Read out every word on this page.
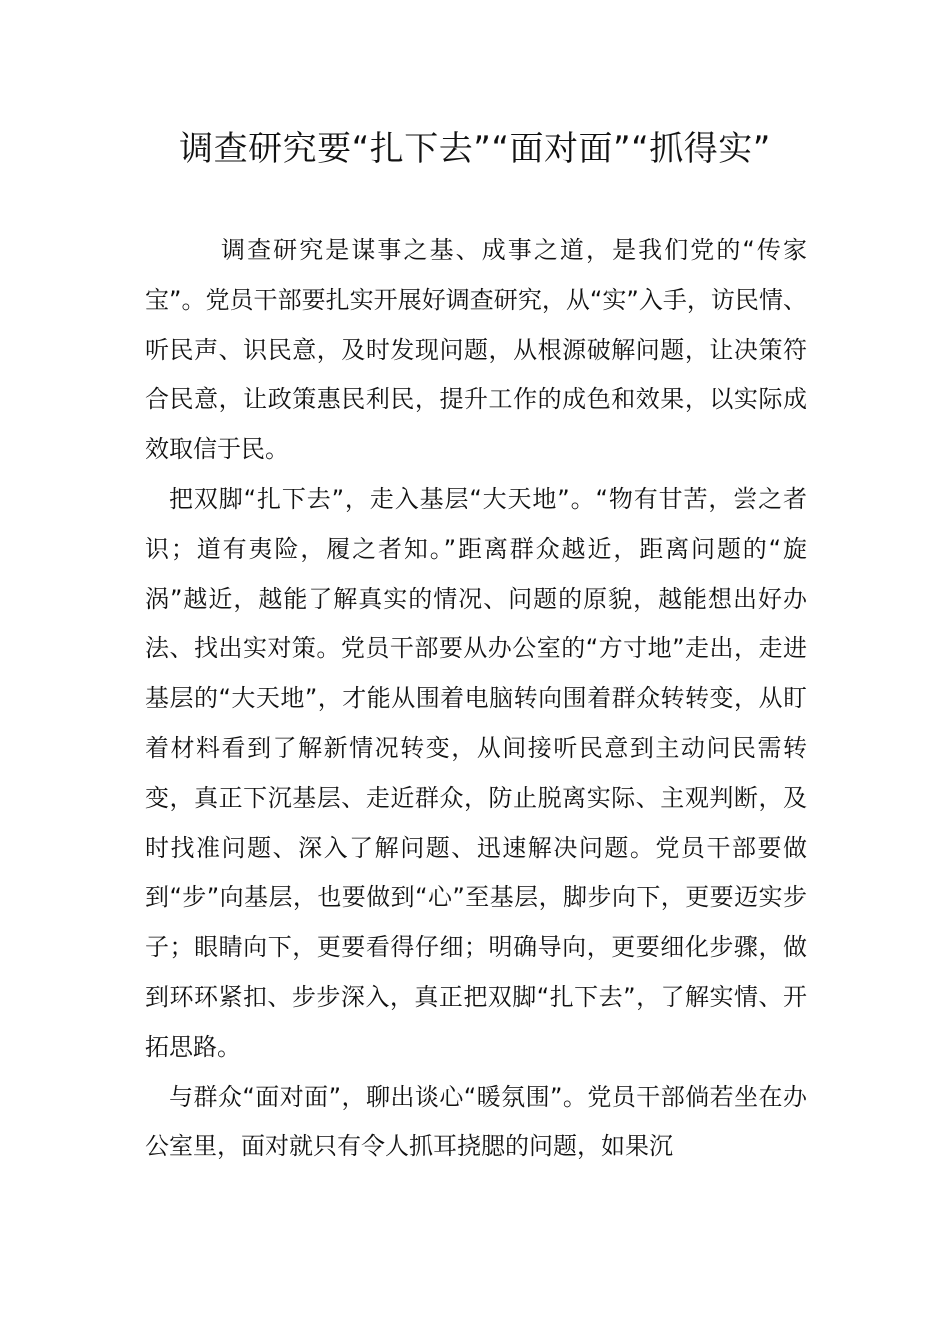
调查研究要“扎下去”“面对面”“抓得实”

调查研究是谋事之基、成事之道，是我们党的“传家宝”。党员干部要扎实开展好调查研究，从“实”入手，访民情、听民声、识民意，及时发现问题，从根源破解问题，让决策符合民意，让政策惠民利民，提升工作的成色和效果，以实际成效取信于民。

把双脚“扎下去”，走入基层“大天地”。“物有甘苦，尝之者识；道有夷险，履之者知。”距离群众越近，距离问题的“旋涡”越近，越能了解真实的情况、问题的原貌，越能想出好办法、找出实对策。党员干部要从办公室的“方寸地”走出，走进基层的“大天地”，才能从围着电脑转向围着群众转转变，从盯着材料看到了解新情况转变，从间接听民意到主动问民需转变，真正下沉基层、走近群众，防止脱离实际、主观判断，及时找准问题、深入了解问题、迅速解决问题。党员干部要做到“步”向基层，也要做到“心”至基层，脚步向下，更要迈实步子；眼睛向下，更要看得仔细；明确导向，更要细化步骤，做到环环紧扣、步步深入，真正把双脚“扎下去”，了解实情、开拓思路。

与群众“面对面”，聊出谈心“暖氛围”。党员干部倘若坐在办公室里，面对就只有令人抓耳挠腮的问题，如果沉
